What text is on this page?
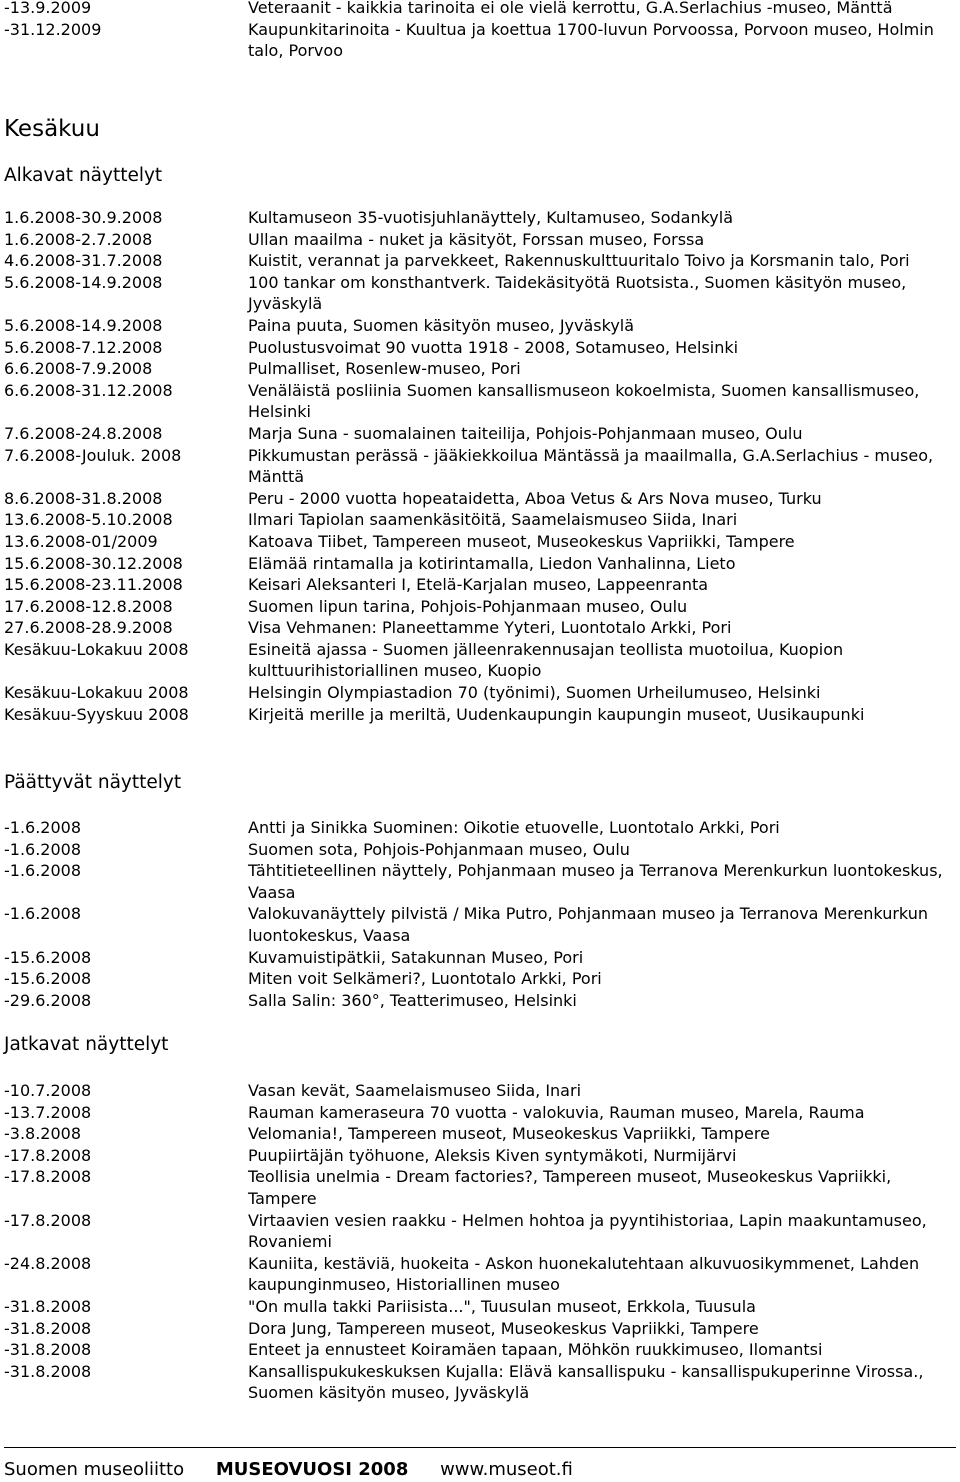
-13.9.2009	Veteraanit - kaikkia tarinoita ei ole vielä kerrottu, G.A.Serlachius -museo, Mänttä
-31.12.2009	Kaupunkitarinoita - Kuultua ja koettua 1700-luvun Porvoossa, Porvoon museo, Holmin talo, Porvoo
Kesäkuu
Alkavat näyttelyt
1.6.2008-30.9.2008	Kultamuseon 35-vuotisjuhlanäyttely, Kultamuseo, Sodankylä
1.6.2008-2.7.2008	Ullan maailma - nuket ja käsityöt, Forssan museo, Forssa
4.6.2008-31.7.2008	Kuistit, verannat ja parvekkeet, Rakennuskulttuuritalo Toivo ja Korsmanin talo, Pori
5.6.2008-14.9.2008	100 tankar om konsthantverk. Taidekäsityötä Ruotsista., Suomen käsityön museo, Jyväskylä
5.6.2008-14.9.2008	Paina puuta, Suomen käsityön museo, Jyväskylä
5.6.2008-7.12.2008	Puolustusvoimat 90 vuotta 1918 - 2008, Sotamuseo, Helsinki
6.6.2008-7.9.2008	Pulmalliset, Rosenlew-museo, Pori
6.6.2008-31.12.2008	Venäläistä posliinia Suomen kansallismuseon kokoelmista, Suomen kansallismuseo, Helsinki
7.6.2008-24.8.2008	Marja Suna - suomalainen taiteilija, Pohjois-Pohjanmaan museo, Oulu
7.6.2008-Jouluk. 2008	Pikkumustan perässä - jääkiekkoilua Mäntässä ja maailmalla, G.A.Serlachius - museo, Mänttä
8.6.2008-31.8.2008	Peru - 2000 vuotta hopeataidetta, Aboa Vetus & Ars Nova museo, Turku
13.6.2008-5.10.2008	Ilmari Tapiolan saamenkäsitöitä, Saamelaismuseo Siida, Inari
13.6.2008-01/2009	Katoava Tiibet, Tampereen museot, Museokeskus Vapriikki, Tampere
15.6.2008-30.12.2008	Elämää rintamalla ja kotirintamalla, Liedon Vanhalinna, Lieto
15.6.2008-23.11.2008	Keisari Aleksanteri I, Etelä-Karjalan museo, Lappeenranta
17.6.2008-12.8.2008	Suomen lipun tarina, Pohjois-Pohjanmaan museo, Oulu
27.6.2008-28.9.2008	Visa Vehmanen: Planeettamme Yyteri, Luontotalo Arkki, Pori
Kesäkuu-Lokakuu 2008	Esineitä ajassa - Suomen jälleenrakennusajan teollista muotoilua, Kuopion kulttuurihistoriallinen museo, Kuopio
Kesäkuu-Lokakuu 2008	Helsingin Olympiastadion 70 (työnimi), Suomen Urheilumuseo, Helsinki
Kesäkuu-Syyskuu 2008	Kirjeitä merille ja meriltä, Uudenkaupungin kaupungin museot, Uusikaupunki
Päättyvät näyttelyt
-1.6.2008	Antti ja Sinikka Suominen: Oikotie etuovelle, Luontotalo Arkki, Pori
-1.6.2008	Suomen sota, Pohjois-Pohjanmaan museo, Oulu
-1.6.2008	Tähtitieteellinen näyttely, Pohjanmaan museo ja Terranova Merenkurkun luontokeskus, Vaasa
-1.6.2008	Valokuvanäyttely pilvistä / Mika Putro, Pohjanmaan museo ja Terranova Merenkurkun luontokeskus, Vaasa
-15.6.2008	Kuvamuistipätkii, Satakunnan Museo, Pori
-15.6.2008	Miten voit Selkämeri?, Luontotalo Arkki, Pori
-29.6.2008	Salla Salin: 360°, Teatterimuseo, Helsinki
Jatkavat näyttelyt
-10.7.2008	Vasan kevät, Saamelaismuseo Siida, Inari
-13.7.2008	Rauman kameraseura 70 vuotta - valokuvia, Rauman museo, Marela, Rauma
-3.8.2008	Velomania!, Tampereen museot, Museokeskus Vapriikki, Tampere
-17.8.2008	Puupiirtäjän työhuone, Aleksis Kiven syntymäkoti, Nurmijärvi
-17.8.2008	Teollisia unelmia - Dream factories?, Tampereen museot, Museokeskus Vapriikki, Tampere
-17.8.2008	Virtaavien vesien raakku - Helmen hohtoa ja pyyntihistoriaa, Lapin maakuntamuseo, Rovaniemi
-24.8.2008	Kauniita, kestäviä, huokeita - Askon huonekalutehtaan alkuvuosikymmenet, Lahden kaupunginmuseo, Historiallinen museo
-31.8.2008	"On mulla takki Pariisista...", Tuusulan museot, Erkkola, Tuusula
-31.8.2008	Dora Jung, Tampereen museot, Museokeskus Vapriikki, Tampere
-31.8.2008	Enteet ja ennusteet Koiramäen tapaan, Möhkön ruukkimuseo, Ilomantsi
-31.8.2008	Kansallispukukeskuksen Kujalla: Elävä kansallispuku - kansallispukuperinne Virossa., Suomen käsityön museo, Jyväskylä
Suomen museoliitto MUSEOVUOSI 2008 www.museot.fi
